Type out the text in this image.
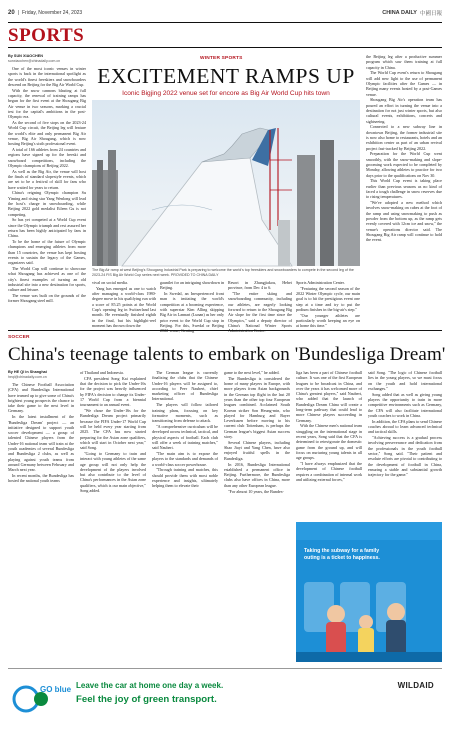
20 | Friday, November 24, 2023	CHINA DAILY 中國日報
SPORTS
WINTER SPORTS
EXCITEMENT RAMPS UP
Iconic Bigjing 2022 venue set for encore as Big Air World Cup hits town
By SUN XIAOCHEN
sunxiaochen@chinadaily.com.cn

One of the most iconic venues in winter sports is back in the international spotlight as the world's finest freeskiers and snowboarders descend on Beijing for the Big Air World Cup.

With the snow cannons blasting at full capacity, the renewal of training ramps has begun for the first event at the Shougang Big Air venue in two seasons, marking a crucial test for the capital's ambitions in the post-Olympic era.

As the second of five stops on the 2023-24 World Cup circuit, the Beijing leg will feature the world's elite and only permanent Big Air venue, Big Air Shougang, which is now hosting Beijing's sixth professional event.

A total of 166 athletes from 24 countries and regions have signed up for the freeski and snowboard competitions, including the Olympic champions of Beijing 2022.

As well as the Big Air, the venue will host the finals of standard slopestyle events, which are set to be a festival of skill for fans who have waited for years to return.

China's reigning Olympic champion Su Yiming and rising star Yang Wenlong will lead the host's charge in snowboarding, while Beijing 2022 gold medalist Eileen Gu is not competing.

So has yet competed at a World Cup event since the Olympic triumph and rest assured her return has been highly anticipated by fans in China.

To be the home of the future of Olympic champions and emerging athletes from more than 15 countries, the venue has kept hosting events to sustain the legacy of the Games, organizers said.

The World Cup will continue to showcase what Shougang has achieved as one of the city's finest examples of turning an old industrial site into a new destination for sports, culture and leisure.

The venue was built on the grounds of the former Shougang steel mill.

The Big Air ramp at west Beijing's Shougang Industrial Park is preparing to welcome the world's top freeskiers and snowboarders to compete in the second leg of the 2023-24 FIS Big Air World Cup series next week. PROVIDED TO CHINA DAILY

vival on social media.

Yang has emerged as one to watch after managing a world-class 1980-degree move in his qualifying run with a score of 85.25 points at the World Cup's opening leg in Switzerland last month. He eventually finished eighth in the final, but his highlight-reel moment has thrown down the

gauntlet for an intriguing showdown in Beijing.

In Swedal, an Inexperienced front man is imitating the world's competition at a booming experience, with superstar Kim Alling skipping Big Air in Lannari (Lunan) as her only prior event to the World Cup stop in Beijing. For this, Swedal or Beijing

Resort in Zhangjiakou, Hebei province, from Dec 4 to 6.

"The entire skiing and snowboarding community, including our athletes, are eagerly looking forward to return to the Shougang Big Air slope for the first time since the Olympics," said a deputy director of China's National Winter Sports

Sports Administration Center.

"Featuring the second season of the 2022 Winter Olympic cycle, our main goal is to hit the prestigious event one step at a time and try to put the podium finishes in the big-air's step."

"Our younger athletes are particularly worth keeping an eye on at home this time."

the Beijing leg after a productive summer program which saw them training at full capacity in China.

The World Cup event's return to Shougang will add new light to the use of permanent Olympic facilities after the Games — in Beijing many events hosted by a post-Games venue.

Shougang Big Air's operation team has poured an effort in turning the venue into a destination for not just winter sports, but also cultural events, exhibitions, concerts and sightseeing.

Connected to a new subway line in downtown Beijing, the former industrial site is now also home to restaurants, hotels and an exhibition center as part of an urban revival project fast-tracked by Beijing 2022.

Preparation for the World Cup went smoothly, with the snow-making and slope-grooming work expected to be completed by Monday, allowing athletes to practice for two days prior to the qualifications on Nov 30.

This World Cup event is taking place earlier than previous seasons as no kind of faced a tough challenge in snow reserves due to rising temperatures.

"We've adopted a new method which involves snow-making on cubes at the foot of the ramp and using snowmaking to push as powder from the bottom up, as the ramp gets evenly covered with 12cm ice and snow," the venue's operations director said. The Shougang Big Air ramp will continue to hold the event.

SOCCER
China's teenage talents to embark on 'Bundesliga Dream'
By HE QI in Shanghai
heqi@chinadaily.com.cn

The Chinese Football Association (CFA) and Bundesliga International have teamed up to give some of China's brightest young prospects the chance to take their game to the next level in Germany.

In the latest installment of the 'Bundesliga Dream' project — an initiative designed to support youth soccer development — a group of talented Chinese players from the Under-16 national team will train at the youth academies of several Bundesliga and Bundesliga 2 clubs, as well as playing against youth teams from around Germany between February and March next year.

In recent months, the Bundesliga has hosted the national youth teams

of Thailand and Indonesia.

CFA president Song Kai explained that the decision to pick the Under-16s for the project was heavily influenced by FIFA's decision to change its Under-17 World Cup from a biennial tournament to an annual event.

"We chose the Under-16s for the Bundesliga Dream project primarily because the FIFA Under-17 World Cup will be held every year starting from 2025. The CFA has now started preparing for the Asian zone qualifiers, which will start in October next year," said Song.

"Going to Germany to train and interact with young athletes of the same age group will not only help the development of the players involved but also contribute to the level of China's performances in the Asian zone qualifiers, which is our main objective," Song added.

The German league is currently finalizing the clubs that the Chinese Under-16 players will be assigned to, according to Peer Naubert, chief marketing officer of Bundesliga International.

The players will follow tailored training plans, focusing on key formative moments, such as transitioning from defense to attack.

"A comprehensive curriculum will be developed across technical, tactical, and physical aspects of football. Each club will offer a week of training matches," said Naubert.

"The main aim is to expose the players to the standards and demands of a world-class soccer powerhouse.

"Through training and matches, this should provide them with most noble experience and insights, ultimately helping them to elevate their

game to the next level," he added.

The Bundesliga is considered the home of many players in Europe, with more players from Asian backgrounds in the German top flight in the last 20 years than the other top four European leagues combined. Acclaimed South Korean striker Son Heung-min, who played for Hamburg and Bayer Leverkusen before moving to his current club Tottenham, is perhaps the German league's biggest Asian success story.

Several Chinese players, including Shao Jiayi and Yang Chen, have also enjoyed fruitful spells in the Bundesliga.

In 2016, Bundesliga International established a permanent office in Beijing. Furthermore, the Bundesliga clubs also have offices in China, more than any other European league.

"For almost 10 years, the Bundes-

liga has been a part of Chinese football culture. It was one of the first European leagues to be broadcast in China, and over the years it has welcomed more of China's greatest players," said Naubert, who added that the launch of Bundesliga Dream China will create a long-term pathway that could lead to more Chinese players succeeding in Germany.

With the Chinese men's national team struggling on the international stage in recent years, Song said that the CFA is determined to reinvigorate the domestic game from the ground up, and will focus on nurturing young talents in all age groups.

"I have always emphasized that the development of Chinese football requires a combination of internal work and utilizing external forces,"

said Song. "The logic of Chinese football lies in the young players, so we must focus on the youth and hold international exchanges."

Song added that as well as giving young players the opportunity to train in more competitive environments such as Germany, the CFA will also facilitate international youth coaches to work in China.

In addition, the CFA plans to send Chinese coaches abroad to learn advanced technical and tactical skills.

"Achieving success is a gradual process involving perseverance and dedication from the professionals in the youth football sector," Song said. "Their patient and resolute efforts are pivotal to contributing to the development of football in China, ensuring a stable and substantial growth trajectory for the game."

Taking the subway for a family outing is a ticket to happiness.
GO blue Leave the car at home one day a week.
Feel the joy of green transport.
WILDAID
